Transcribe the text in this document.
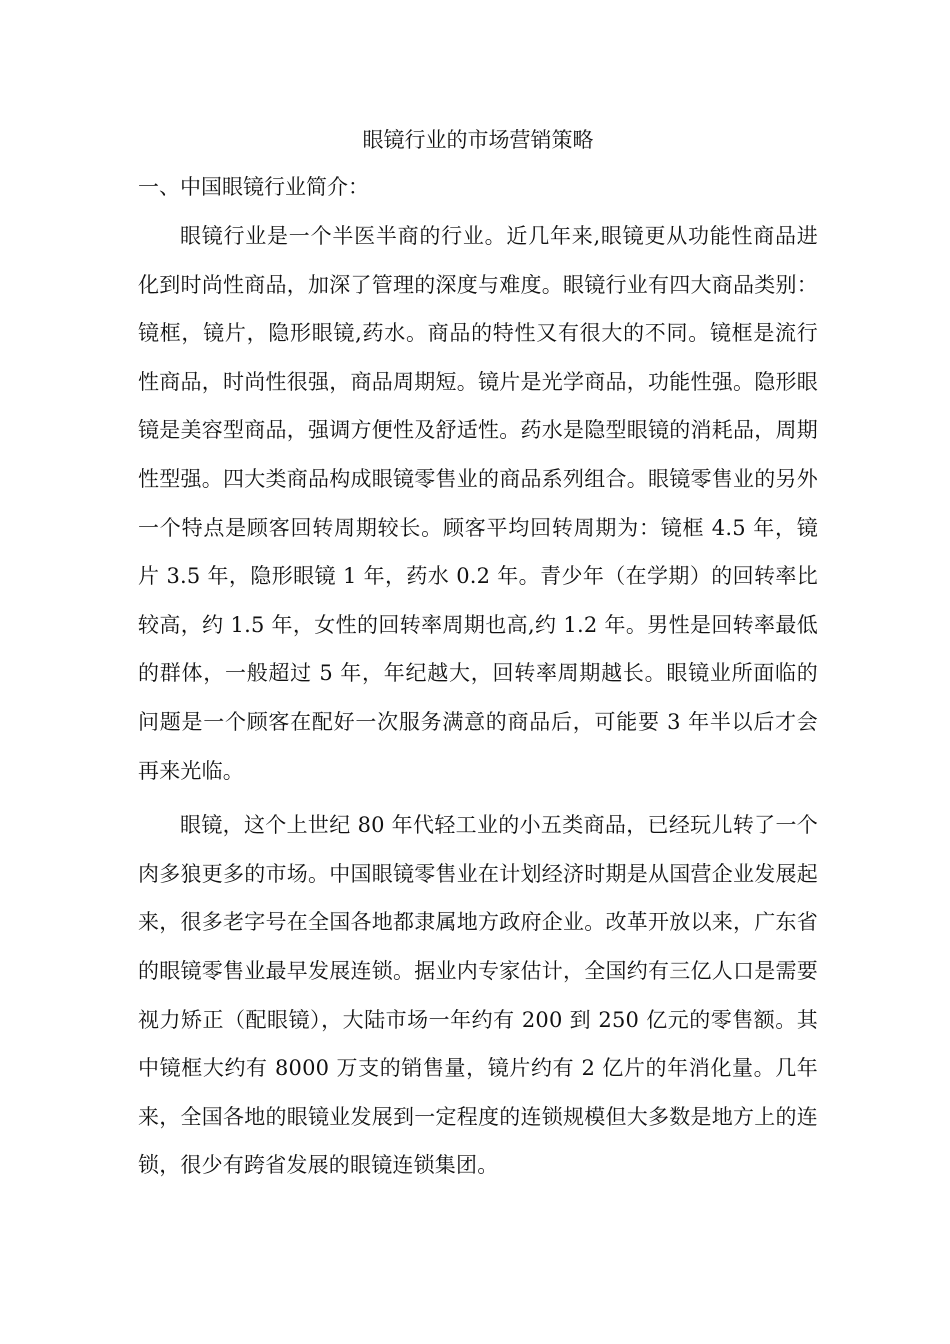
眼镜行业的市场营销策略
一、中国眼镜行业简介：

眼镜行业是一个半医半商的行业。近几年来,眼镜更从功能性商品进化到时尚性商品，加深了管理的深度与难度。眼镜行业有四大商品类别：镜框，镜片，隐形眼镜,药水。商品的特性又有很大的不同。镜框是流行性商品，时尚性很强，商品周期短。镜片是光学商品，功能性强。隐形眼镜是美容型商品，强调方便性及舒适性。药水是隐型眼镜的消耗品，周期性型强。四大类商品构成眼镜零售业的商品系列组合。眼镜零售业的另外一个特点是顾客回转周期较长。顾客平均回转周期为：镜框 4.5 年，镜片 3.5 年，隐形眼镜 1 年，药水 0.2 年。青少年（在学期）的回转率比较高，约 1.5 年，女性的回转率周期也高,约 1.2 年。男性是回转率最低的群体，一般超过 5 年，年纪越大，回转率周期越长。眼镜业所面临的问题是一个顾客在配好一次服务满意的商品后，可能要 3 年半以后才会再来光临。

眼镜，这个上世纪 80 年代轻工业的小五类商品，已经玩儿转了一个肉多狼更多的市场。中国眼镜零售业在计划经济时期是从国营企业发展起来，很多老字号在全国各地都隶属地方政府企业。改革开放以来，广东省的眼镜零售业最早发展连锁。据业内专家估计，全国约有三亿人口是需要视力矫正（配眼镜），大陆市场一年约有 200 到 250 亿元的零售额。其中镜框大约有 8000 万支的销售量，镜片约有 2 亿片的年消化量。几年来，全国各地的眼镜业发展到一定程度的连锁规模但大多数是地方上的连锁，很少有跨省发展的眼镜连锁集团。
